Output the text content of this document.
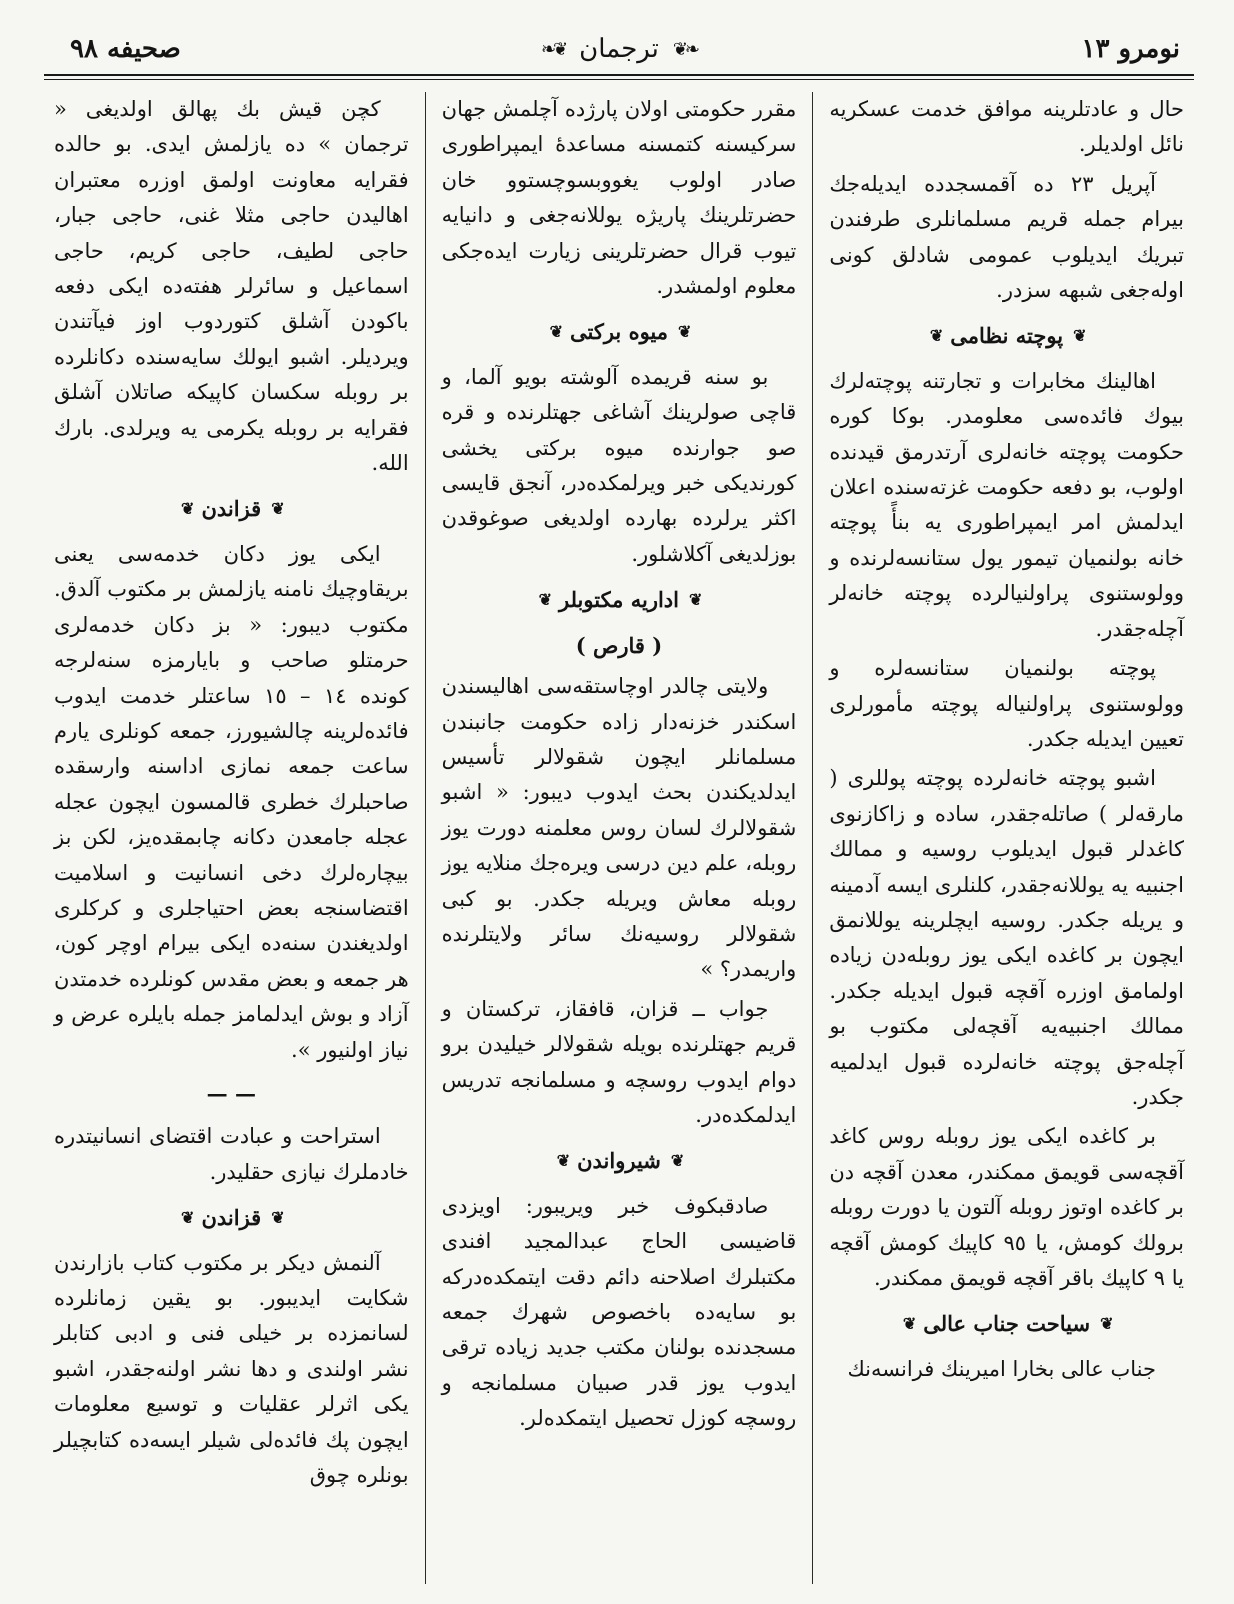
نومرو ١٣
❧❦
ترجمان
❦❧
صحيفه ٩٨

حال و عادتلرينه موافق خدمت عسكريه نائل اولديلر.

آپريل ٢٣ ده آقمسجدده ايديله‌جك بيرام جمله قريم مسلمانلرى طرفندن تبريك ايديلوب عمومى شادلق كونى اوله‌جغى شبهه سزدر.

❦
پوچته نظامى
❦

اهالينك مخابرات و تجارتنه پوچته‌لرك بيوك فائده‌سى معلومدر. بوكا كوره حكومت پوچته خانه‌لرى آرتدرمق قيدنده اولوب، بو دفعه حكومت غزته‌سنده اعلان ايدلمش امر ايمپراطورى يه بنأً پوچته خانه بولنميان تيمور يول ستانسه‌لرنده و وولوستنوى پراولنيالرده پوچته خانه‌لر آچله‌جقدر.

پوچته بولنميان ستانسه‌لره و وولوستنوى پراولنياله پوچته مأمورلرى تعيين ايديله جكدر.

اشبو پوچته خانه‌لرده پوچته پوللرى ( مارقه‌لر ) صاتله‌جقدر، ساده و زاكازنوى كاغدلر قبول ايديلوب روسيه و ممالك اجنبيه يه يوللانه‌جقدر، كلنلرى ايسه آدمينه و يريله جكدر. روسيه ايچلرينه يوللانمق ايچون بر كاغده ايكى يوز روبله‌دن زياده اولمامق اوزره آقچه قبول ايديله جكدر. ممالك اجنبيه‌يه آقچه‌لى مكتوب بو آچله‌جق پوچته خانه‌لرده قبول ايدلميه جكدر.

بر كاغده ايكى يوز روبله روس كاغد آقچه‌سى قويمق ممكندر، معدن آقچه دن بر كاغده اوتوز روبله آلتون يا دورت روبله برولك كومش، يا ٩٥ كاپيك كومش آقچه يا ٩ كاپيك باقر آقچه قويمق ممكندر.

❦
سياحت جناب عالى
❦

جناب عالى بخارا اميرينك فرانسه‌نك

مقرر حكومتى اولان پارژده آچلمش جهان سركيسنه كتمسنه مساعدهٔ ايمپراطورى صادر اولوب يغووبسوچستوو خان حضرتلرينك پاريژه يوللانه‌جغى و دانيايه تيوب قرال حضرتلرينى زيارت ايده‌جكى معلوم اولمشدر.

❦
ميوه بركتى
❦

بو سنه قريمده آلوشته بويو آلما، و قاچى صولرينك آشاغى جهتلرنده و قره صو جوارنده ميوه بركتى يخشى كورنديكى خبر ويرلمكده‌در، آنجق قايسى اكثر يرلرده بهارده اولديغى صوغوقدن بوزلديغى آكلاشلور.

❦
اداريه مكتوبلر
❦
( قارص )

ولايتى چالدر اوچاستقه‌سى اهاليسندن اسكندر خزنه‌دار زاده حكومت جانبندن مسلمانلر ايچون شقولالر تأسيس ايدلديكندن بحث ايدوب ديبور: « اشبو شقولالرك لسان روس معلمنه دورت يوز روبله، علم دين درسى ويره‌جك منلايه يوز روبله معاش ويريله جكدر. بو كبى شقولالر روسيه‌نك سائر ولايتلرنده واريمدر؟ »

جواب ــ قزان، قافقاز، تركستان و قريم جهتلرنده بويله شقولالر خيليدن برو دوام ايدوب روسچه و مسلمانجه تدريس ايدلمكده‌در.

❦
شيرواندن
❦

صادقبكوف خبر ويريبور: اويزدى قاضيسى الحاج عبدالمجيد افندى مكتبلرك اصلاحنه دائم دقت ايتمكده‌دركه بو سايه‌ده باخصوص شهرك جمعه مسجدنده بولنان مكتب جديد زياده ترقى ايدوب يوز قدر صبيان مسلمانجه و روسچه كوزل تحصيل ايتمكده‌لر.

كچن قيش بك پهالق اولديغى « ترجمان » ده يازلمش ايدى. بو حالده فقرايه معاونت اولمق اوزره معتبران اهاليدن حاجى مثلا غنى، حاجى جبار، حاجى لطيف، حاجى كريم، حاجى اسماعيل و سائرلر هفته‌ده ايكى دفعه باكودن آشلق كتوردوب اوز فيآتندن ويرديلر. اشبو ايولك سايه‌سنده دكانلرده بر روبله سكسان كاپيكه صاتلان آشلق فقرايه بر روبله يكرمى يه ويرلدى. بارك الله.

❦
قزاندن
❦

ايكى يوز دكان خدمه‌سى يعنى بريقاوچيك نامنه يازلمش بر مكتوب آلدق. مكتوب ديبور: « بز دكان خدمه‌لرى حرمتلو صاحب و بايارمزه سنه‌لرجه كونده ١٤ – ١٥ ساعتلر خدمت ايدوب فائده‌لرينه چالشيورز، جمعه كونلرى يارم ساعت جمعه نمازى اداسنه وارسقده صاحبلرك خطرى قالمسون ايچون عجله عجله جامعدن دكانه چابمقده‌يز، لكن بز بيچاره‌لرك دخى انسانيت و اسلاميت اقتضاسنجه بعض احتياجلرى و كركلرى اولديغندن سنه‌ده ايكى بيرام اوچر كون، هر جمعه و بعض مقدس كونلرده خدمتدن آزاد و بوش ايدلمامز جمله بايلره عرض و نياز اولنيور ».

— —

استراحت و عبادت اقتضاى انسانيتدره خادملرك نيازى حقليدر.

❦
قزاندن
❦

آلنمش ديكر بر مكتوب كتاب بازارندن شكايت ايديبور. بو يقين زمانلرده لسانمزده بر خيلى فنى و ادبى كتابلر نشر اولندى و دها نشر اولنه‌جقدر، اشبو يكى اثرلر عقليات و توسيع معلومات ايچون پك فائده‌لى شيلر ايسه‌ده كتابچيلر بونلره چوق
